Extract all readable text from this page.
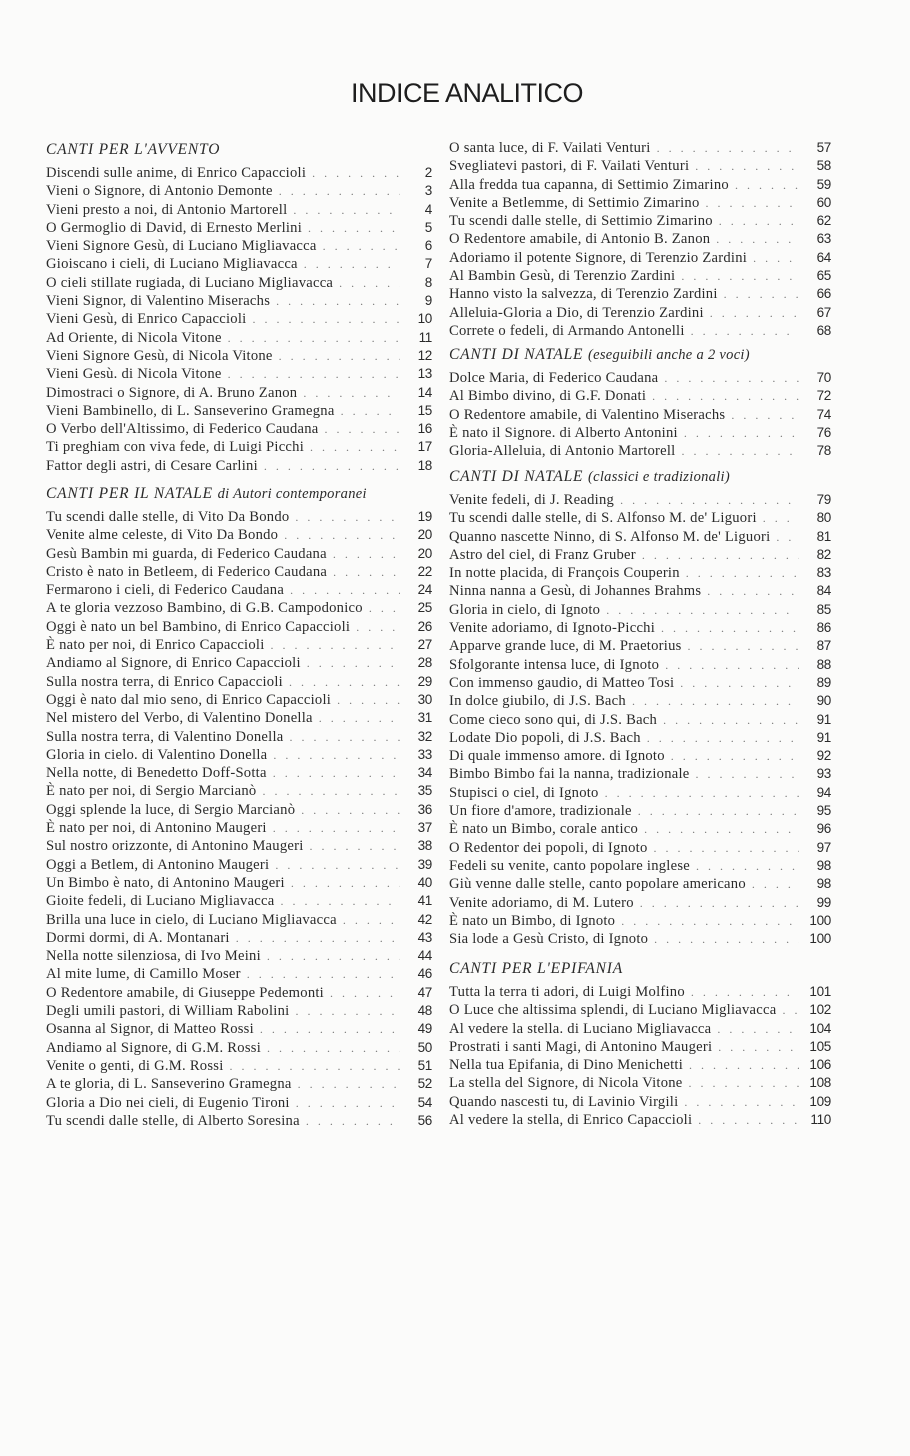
INDICE ANALITICO
CANTI PER L'AVVENTO
Discendi sulle anime, di Enrico Capaccioli . . .	2
Vieni o Signore, di Antonio Demonte . . .	3
Vieni presto a noi, di Antonio Martorell . . .	4
O Germoglio di David, di Ernesto Merlini . . .	5
Vieni Signore Gesù, di Luciano Migliavacca . . .	6
Gioiscano i cieli, di Luciano Migliavacca . . .	7
O cieli stillate rugiada, di Luciano Migliavacca . . .	8
Vieni Signor, di Valentino Miserachs . . .	9
Vieni Gesù, di Enrico Capaccioli . . .	10
Ad Oriente, di Nicola Vitone . . .	11
Vieni Signore Gesù, di Nicola Vitone . . .	12
Vieni Gesù. di Nicola Vitone . . .	13
Dimostraci o Signore, di A. Bruno Zanon . . .	14
Vieni Bambinello, di L. Sanseverino Gramegna . . .	15
O Verbo dell'Altissimo, di Federico Caudana . . .	16
Ti preghiam con viva fede, di Luigi Picchi . . .	17
Fattor degli astri, di Cesare Carlini . . .	18
CANTI PER IL NATALE di Autori contemporanei
Tu scendi dalle stelle, di Vito Da Bondo . . .	19
Venite alme celeste, di Vito Da Bondo . . .	20
Gesù Bambin mi guarda, di Federico Caudana . . .	20
Cristo è nato in Betleem, di Federico Caudana . . .	22
Fermarono i cieli, di Federico Caudana . . .	24
A te gloria vezzoso Bambino, di G.B. Campodonico . . .	25
Oggi è nato un bel Bambino, di Enrico Capaccioli . . .	26
È nato per noi, di Enrico Capaccioli . . .	27
Andiamo al Signore, di Enrico Capaccioli . . .	28
Sulla nostra terra, di Enrico Capaccioli . . .	29
Oggi è nato dal mio seno, di Enrico Capaccioli . . .	30
Nel mistero del Verbo, di Valentino Donella . . .	31
Sulla nostra terra, di Valentino Donella . . .	32
Gloria in cielo. di Valentino Donella . . .	33
Nella notte, di Benedetto Doff-Sotta . . .	34
È nato per noi, di Sergio Marcianò . . .	35
Oggi splende la luce, di Sergio Marcianò . . .	36
È nato per noi, di Antonino Maugeri . . .	37
Sul nostro orizzonte, di Antonino Maugeri . . .	38
Oggi a Betlem, di Antonino Maugeri . . .	39
Un Bimbo è nato, di Antonino Maugeri . . .	40
Gioite fedeli, di Luciano Migliavacca . . .	41
Brilla una luce in cielo, di Luciano Migliavacca . . .	42
Dormi dormi, di A. Montanari . . .	43
Nella notte silenziosa, di Ivo Meini . . .	44
Al mite lume, di Camillo Moser . . .	46
O Redentore amabile, di Giuseppe Pedemonti . . .	47
Degli umili pastori, di William Rabolini . . .	48
Osanna al Signor, di Matteo Rossi . . .	49
Andiamo al Signore, di G.M. Rossi . . .	50
Venite o genti, di G.M. Rossi . . .	51
A te gloria, di L. Sanseverino Gramegna . . .	52
Gloria a Dio nei cieli, di Eugenio Tironi . . .	54
Tu scendi dalle stelle, di Alberto Soresina . . .	56
O santa luce, di F. Vailati Venturi . . .	57
Svegliatevi pastori, di F. Vailati Venturi . . .	58
Alla fredda tua capanna, di Settimio Zimarino . . .	59
Venite a Betlemme, di Settimio Zimarino . . .	60
Tu scendi dalle stelle, di Settimio Zimarino . . .	62
O Redentore amabile, di Antonio B. Zanon . . .	63
Adoriamo il potente Signore, di Terenzio Zardini . . .	64
Al Bambin Gesù, di Terenzio Zardini . . .	65
Hanno visto la salvezza, di Terenzio Zardini . . .	66
Alleluia-Gloria a Dio, di Terenzio Zardini . . .	67
Correte o fedeli, di Armando Antonelli . . .	68
CANTI DI NATALE (eseguibili anche a 2 voci)
Dolce Maria, di Federico Caudana . . .	70
Al Bimbo divino, di G.F. Donati . . .	72
O Redentore amabile, di Valentino Miserachs . . .	74
È nato il Signore. di Alberto Antonini . . .	76
Gloria-Alleluia, di Antonio Martorell . . .	78
CANTI DI NATALE (classici e tradizionali)
Venite fedeli, di J. Reading . . .	79
Tu scendi dalle stelle, di S. Alfonso M. de' Liguori . . .	80
Quanno nascette Ninno, di S. Alfonso M. de' Liguori . . .	81
Astro del ciel, di Franz Gruber . . .	82
In notte placida, di François Couperin . . .	83
Ninna nanna a Gesù, di Johannes Brahms . . .	84
Gloria in cielo, di Ignoto . . .	85
Venite adoriamo, di Ignoto-Picchi . . .	86
Apparve grande luce, di M. Praetorius . . .	87
Sfolgorante intensa luce, di Ignoto . . .	88
Con immenso gaudio, di Matteo Tosi . . .	89
In dolce giubilo, di J.S. Bach . . .	90
Come cieco sono qui, di J.S. Bach . . .	91
Lodate Dio popoli, di J.S. Bach . . .	91
Di quale immenso amore. di Ignoto . . .	92
Bimbo Bimbo fai la nanna, tradizionale . . .	93
Stupisci o ciel, di Ignoto . . .	94
Un fiore d'amore, tradizionale . . .	95
È nato un Bimbo, corale antico . . .	96
O Redentor dei popoli, di Ignoto . . .	97
Fedeli su venite, canto popolare inglese . . .	98
Giù venne dalle stelle, canto popolare americano . . .	98
Venite adoriamo, di M. Lutero . . .	99
È nato un Bimbo, di Ignoto . . .	100
Sia lode a Gesù Cristo, di Ignoto . . .	100
CANTI PER L'EPIFANIA
Tutta la terra ti adori, di Luigi Molfino . . .	101
O Luce che altissima splendi, di Luciano Migliavacca . . .	102
Al vedere la stella. di Luciano Migliavacca . . .	104
Prostrati i santi Magi, di Antonino Maugeri . . .	105
Nella tua Epifania, di Dino Menichetti . . .	106
La stella del Signore, di Nicola Vitone . . .	108
Quando nascesti tu, di Lavinio Virgili . . .	109
Al vedere la stella, di Enrico Capaccioli . . .	110
